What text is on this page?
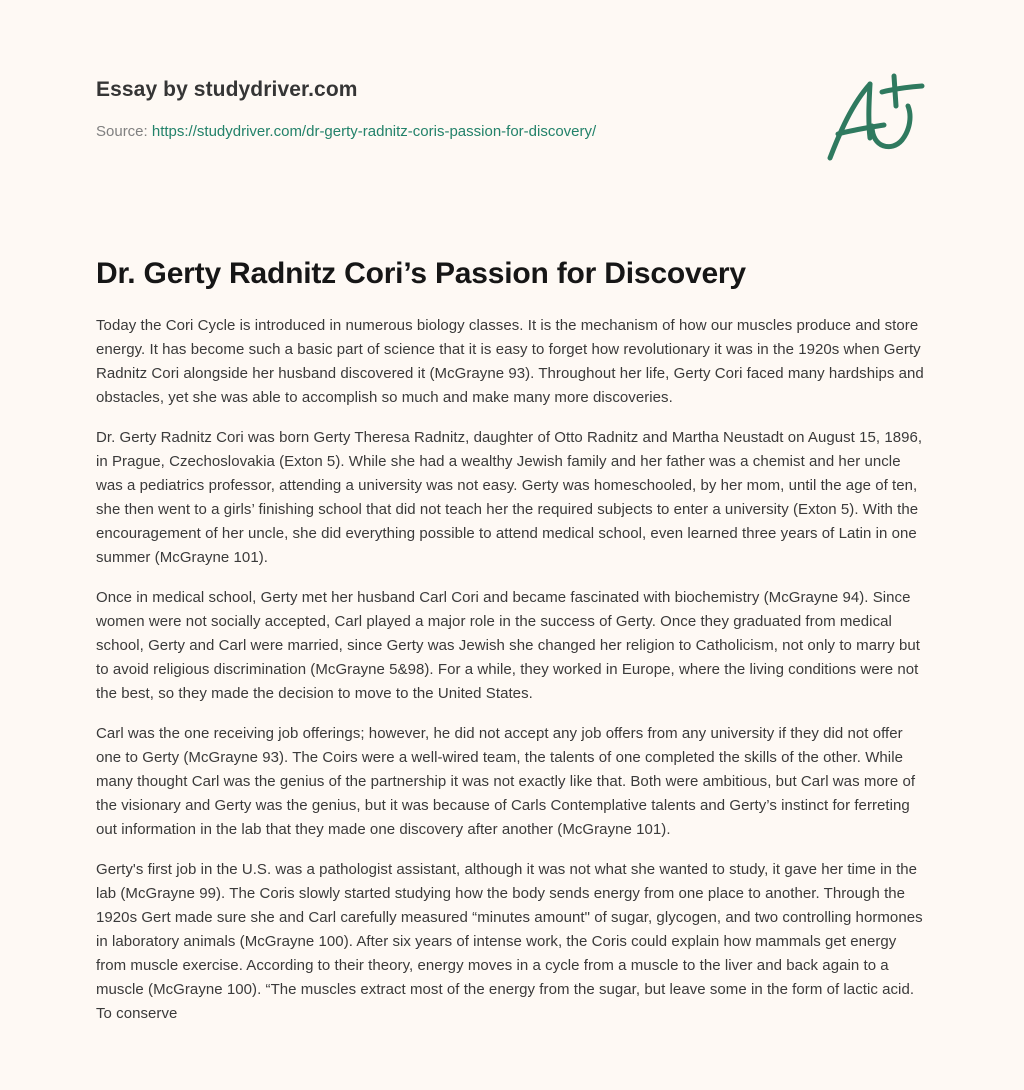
Essay by studydriver.com
Source: https://studydriver.com/dr-gerty-radnitz-coris-passion-for-discovery/
Dr. Gerty Radnitz Cori’s Passion for Discovery

Today the Cori Cycle is introduced in numerous biology classes. It is the mechanism of how our muscles produce and store energy. It has become such a basic part of science that it is easy to forget how revolutionary it was in the 1920s when Gerty Radnitz Cori alongside her husband discovered it (McGrayne 93). Throughout her life, Gerty Cori faced many hardships and obstacles, yet she was able to accomplish so much and make many more discoveries.

Dr. Gerty Radnitz Cori was born Gerty Theresa Radnitz, daughter of Otto Radnitz and Martha Neustadt on August 15, 1896, in Prague, Czechoslovakia (Exton 5). While she had a wealthy Jewish family and her father was a chemist and her uncle was a pediatrics professor, attending a university was not easy. Gerty was homeschooled, by her mom, until the age of ten, she then went to a girls’ finishing school that did not teach her the required subjects to enter a university (Exton 5). With the encouragement of her uncle, she did everything possible to attend medical school, even learned three years of Latin in one summer (McGrayne 101).

Once in medical school, Gerty met her husband Carl Cori and became fascinated with biochemistry (McGrayne 94). Since women were not socially accepted, Carl played a major role in the success of Gerty. Once they graduated from medical school, Gerty and Carl were married, since Gerty was Jewish she changed her religion to Catholicism, not only to marry but to avoid religious discrimination (McGrayne 5&98). For a while, they worked in Europe, where the living conditions were not the best, so they made the decision to move to the United States.

Carl was the one receiving job offerings; however, he did not accept any job offers from any university if they did not offer one to Gerty (McGrayne 93). The Coirs were a well-wired team, the talents of one completed the skills of the other. While many thought Carl was the genius of the partnership it was not exactly like that. Both were ambitious, but Carl was more of the visionary and Gerty was the genius, but it was because of Carls Contemplative talents and Gerty’s instinct for ferreting out information in the lab that they made one discovery after another (McGrayne 101).

Gerty's first job in the U.S. was a pathologist assistant, although it was not what she wanted to study, it gave her time in the lab (McGrayne 99). The Coris slowly started studying how the body sends energy from one place to another. Through the 1920s Gert made sure she and Carl carefully measured “minutes amount" of sugar, glycogen, and two controlling hormones in laboratory animals (McGrayne 100). After six years of intense work, the Coris could explain how mammals get energy from muscle exercise. According to their theory, energy moves in a cycle from a muscle to the liver and back again to a muscle (McGrayne 100). “The muscles extract most of the energy from the sugar, but leave some in the form of lactic acid. To conserve
